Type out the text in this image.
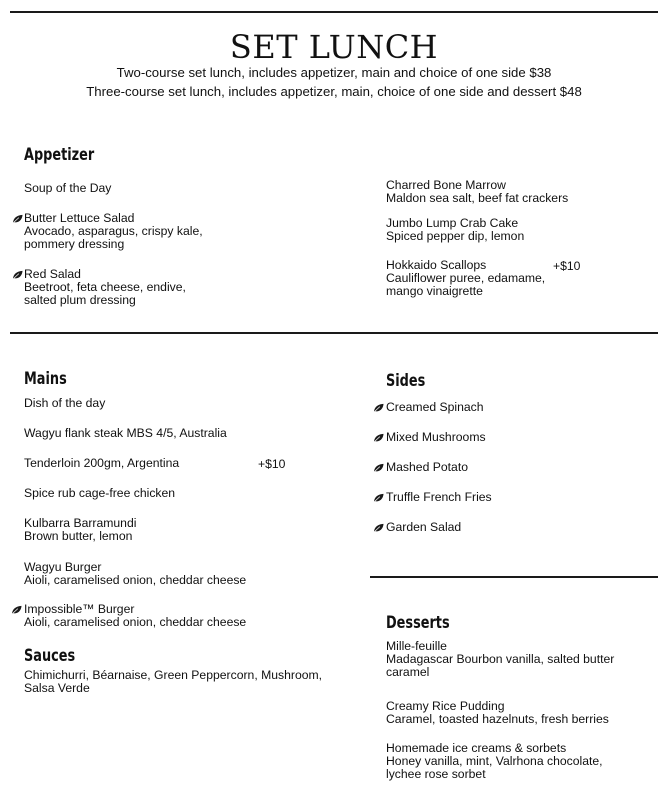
SET LUNCH
Two-course set lunch, includes appetizer, main and choice of one side $38
Three-course set lunch, includes appetizer, main, choice of one side and dessert $48
Appetizer
Soup of the Day
Butter Lettuce Salad
Avocado, asparagus, crispy kale,
pommery dressing
Red Salad
Beetroot, feta cheese, endive,
salted plum dressing
Charred Bone Marrow
Maldon sea salt, beef fat crackers
Jumbo Lump Crab Cake
Spiced pepper dip, lemon
Hokkaido Scallops
Cauliflower puree, edamame,
mango vinaigrette
+$10
Mains
Dish of the day
Wagyu flank steak MBS 4/5, Australia
Tenderloin 200gm, Argentina	+$10
Spice rub cage-free chicken
Kulbarra Barramundi
Brown butter, lemon
Wagyu Burger
Aioli, caramelised onion, cheddar cheese
Impossible™ Burger
Aioli, caramelised onion, cheddar cheese
Sauces
Chimichurri, Béarnaise, Green Peppercorn, Mushroom,
Salsa Verde
Sides
Creamed Spinach
Mixed Mushrooms
Mashed Potato
Truffle French Fries
Garden Salad
Desserts
Mille-feuille
Madagascar Bourbon vanilla, salted butter
caramel
Creamy Rice Pudding
Caramel, toasted hazelnuts, fresh berries
Homemade ice creams & sorbets
Honey vanilla, mint, Valrhona chocolate,
lychee rose sorbet
